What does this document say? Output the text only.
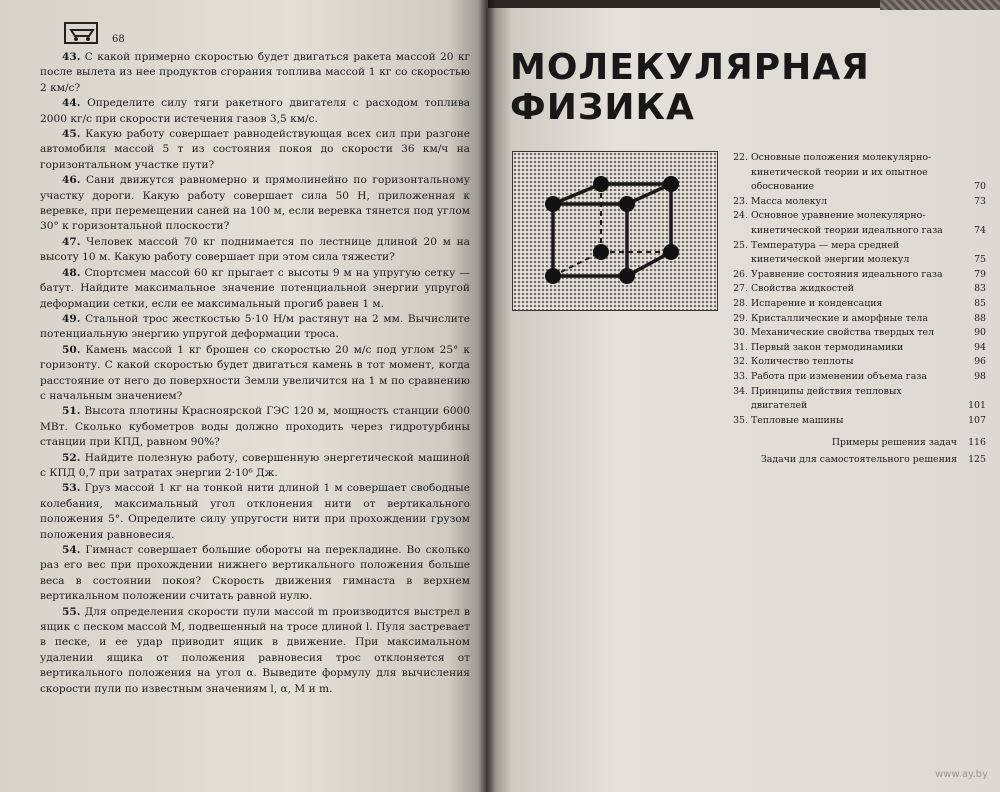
68

43. С какой примерно скоростью будет двигаться ракета массой 20 кг после вылета из нее продуктов сгорания топлива массой 1 кг со скоростью 2 км/с?

44. Определите силу тяги ракетного двигателя с расходом топлива 2000 кг/с при скорости истечения газов 3,5 км/с.

45. Какую работу совершает равнодействующая всех сил при разгоне автомобиля массой 5 т из состояния покоя до скорости 36 км/ч на горизонтальном участке пути?

46. Сани движутся равномерно и прямолинейно по горизонтальному участку дороги. Какую работу совершает сила 50 Н, приложенная к веревке, при перемещении саней на 100 м, если веревка тянется под углом 30° к горизонтальной плоскости?

47. Человек массой 70 кг поднимается по лестнице длиной 20 м на высоту 10 м. Какую работу совершает при этом сила тяжести?

48. Спортсмен массой 60 кг прыгает с высоты 9 м на упругую сетку — батут. Найдите максимальное значение потенциальной энергии упругой деформации сетки, если ее максимальный прогиб равен 1 м.

49. Стальной трос жесткостью 5·10 Н/м растянут на 2 мм. Вычислите потенциальную энергию упругой деформации троса.

50. Камень массой 1 кг брошен со скоростью 20 м/с под углом 25° к горизонту. С какой скоростью будет двигаться камень в тот момент, когда расстояние от него до поверхности Земли увеличится на 1 м по сравнению с начальным значением?

51. Высота плотины Красноярской ГЭС 120 м, мощность станции 6000 МВт. Сколько кубометров воды должно проходить через гидротурбины станции при КПД, равном 90%?

52. Найдите полезную работу, совершенную энергетической машиной с КПД 0,7 при затратах энергии 2·10⁶ Дж.

53. Груз массой 1 кг на тонкой нити длиной 1 м совершает свободные колебания, максимальный угол отклонения нити от вертикального положения 5°. Определите силу упругости нити при прохождении грузом положения равновесия.

54. Гимнаст совершает большие обороты на перекладине. Во сколько раз его вес при прохождении нижнего вертикального положения больше веса в состоянии покоя? Скорость движения гимнаста в верхнем вертикальном положении считать равной нулю.

55. Для определения скорости пули массой m производится выстрел в ящик с песком массой M, подвешенный на тросе длиной l. Пуля застревает в песке, и ее удар приводит ящик в движение. При максимальном удалении ящика от положения равновесия трос отклоняется от вертикального положения на угол α. Выведите формулу для вычисления скорости пули по известным значениям l, α, M и m.

МОЛЕКУЛЯРНАЯ
ФИЗИКА
22. Основные положения молекулярно-кинетической теории и их опытное обоснование	70
23. Масса молекул	73
24. Основное уравнение молекулярно-кинетической теории идеального газа	74
25. Температура — мера средней кинетической энергии молекул	75
26. Уравнение состояния идеального газа	79
27. Свойства жидкостей	83
28. Испарение и конденсация	85
29. Кристаллические и аморфные тела	88
30. Механические свойства твердых тел	90
31. Первый закон термодинамики	94
32. Количество теплоты	96
33. Работа при изменении объема газа	98
34. Принципы действия тепловых двигателей	101
35. Тепловые машины	107
Примеры решения задач	116
Задачи для самостоятельного решения	125
www.ay.by
